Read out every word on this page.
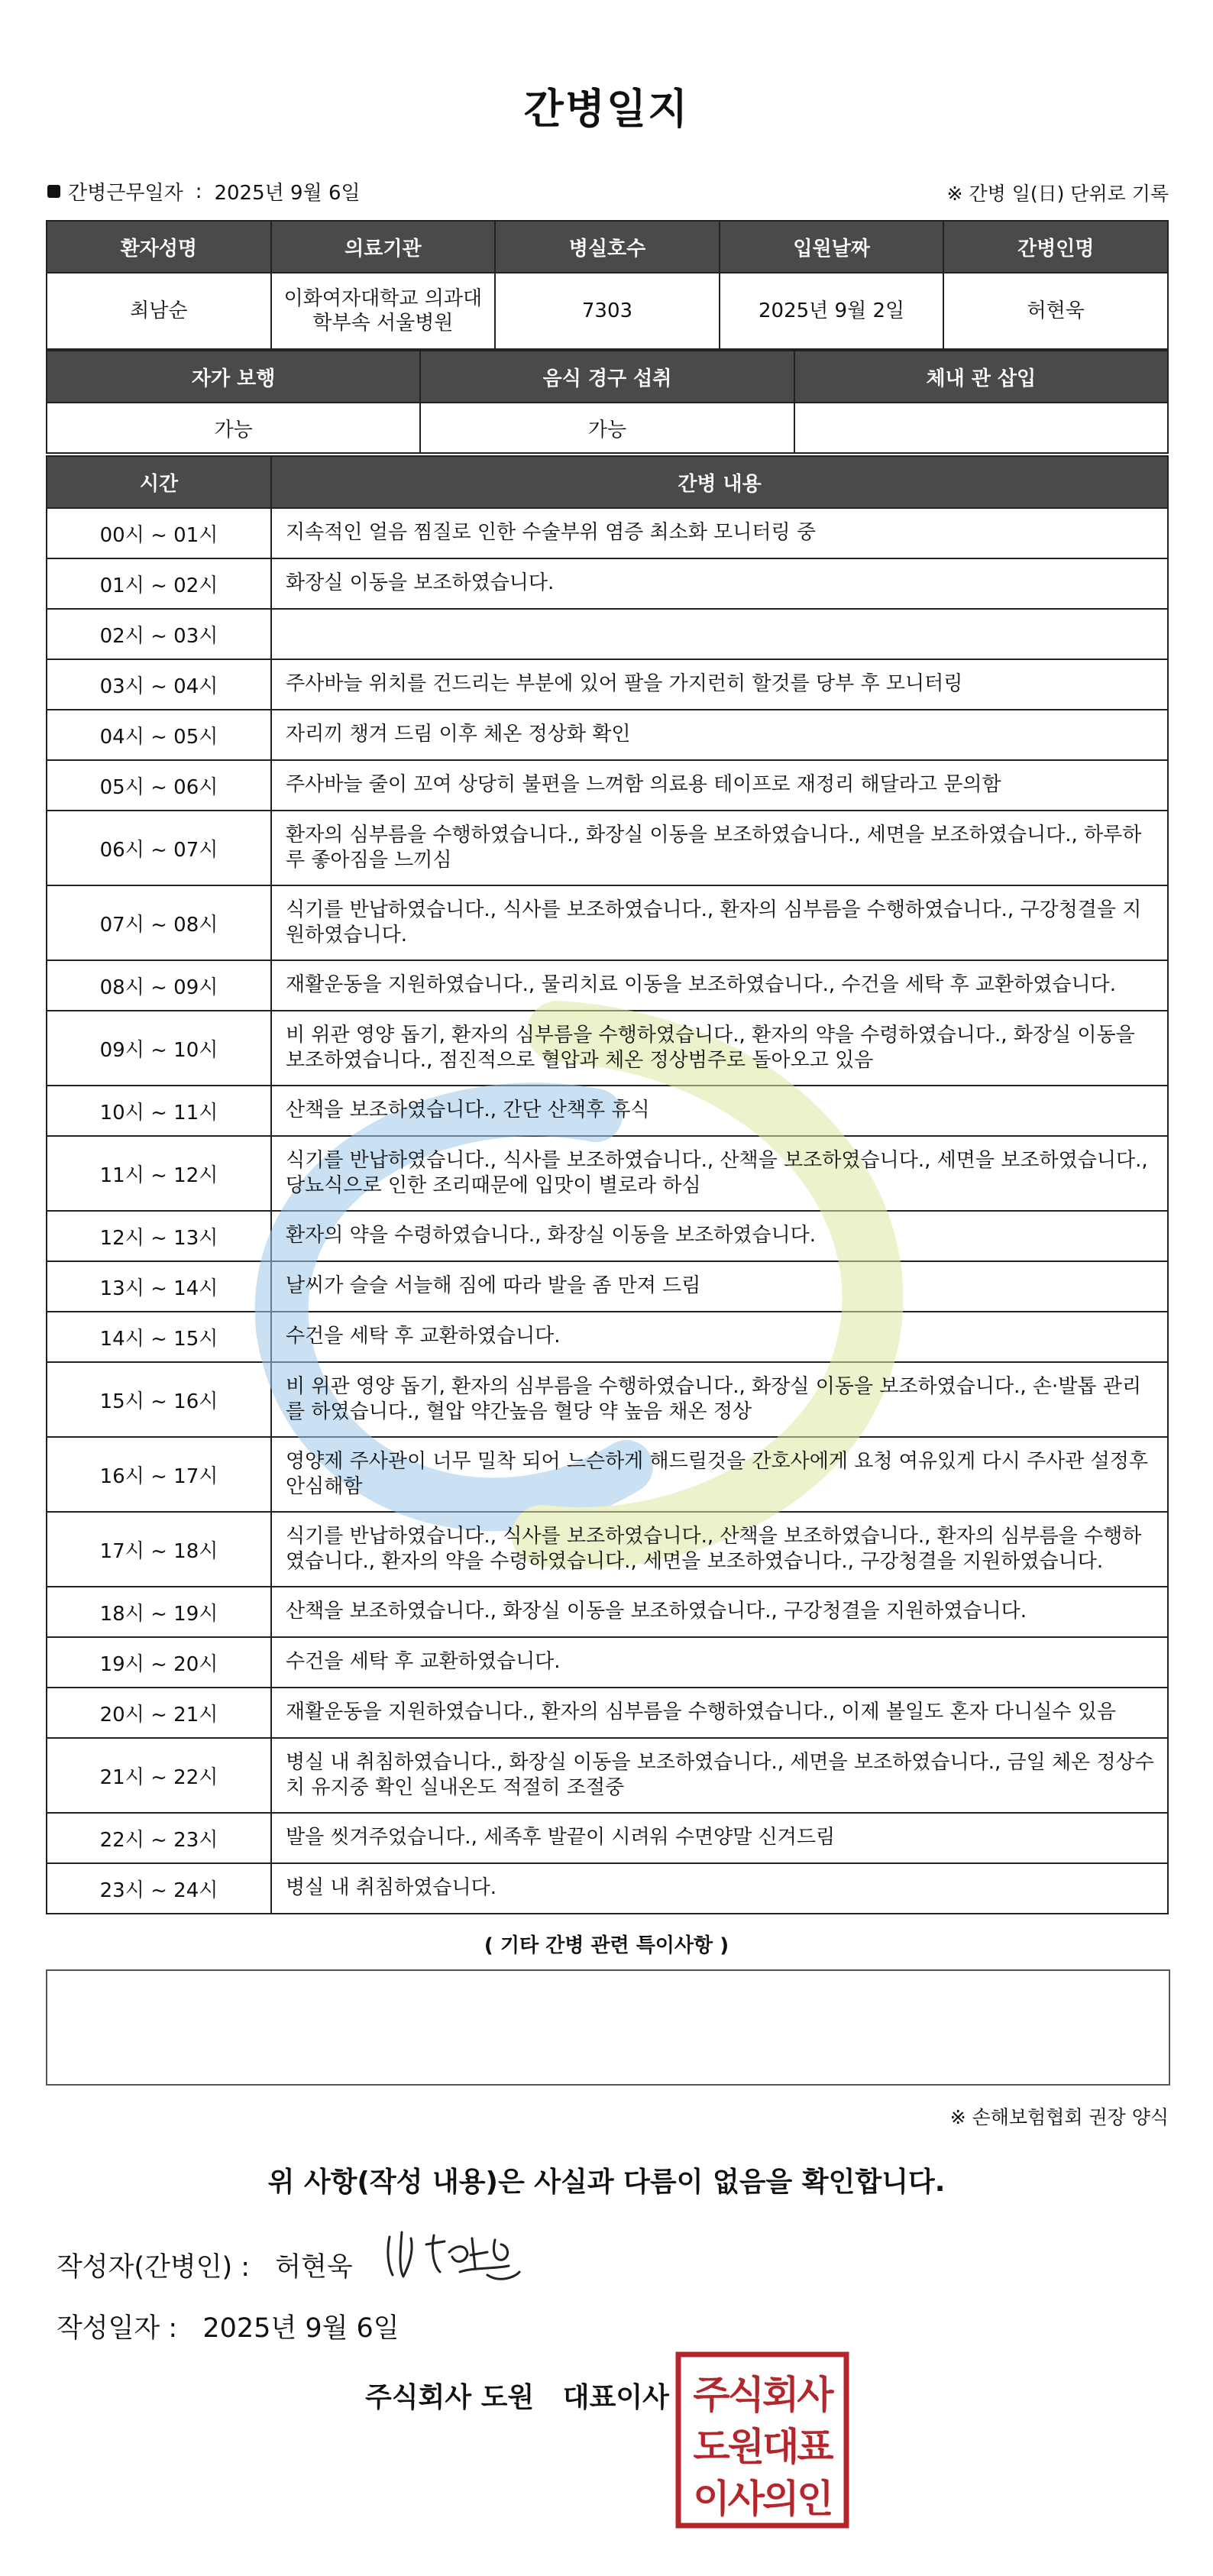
간병일지
간병근무일자 : 2025년 9월 6일	※ 간병 일(日) 단위로 기록
환자성명	의료기관	병실호수	입원날짜	간병인명
최남순	이화여자대학교 의과대학부속 서울병원	7303	2025년 9월 2일	허현욱
자가 보행	음식 경구 섭취	체내 관 삽입
가능	가능	
시간	간병 내용
00시 ~ 01시	지속적인 얼음 찜질로 인한 수술부위 염증 최소화 모니터링 중
01시 ~ 02시	화장실 이동을 보조하였습니다.
02시 ~ 03시	
03시 ~ 04시	주사바늘 위치를 건드리는 부분에 있어 팔을 가지런히 할것를 당부 후 모니터링
04시 ~ 05시	자리끼 챙겨 드림 이후 체온 정상화 확인
05시 ~ 06시	주사바늘 줄이 꼬여 상당히 불편을 느껴함 의료용 테이프로 재정리 해달라고 문의함
06시 ~ 07시	환자의 심부름을 수행하였습니다., 화장실 이동을 보조하였습니다., 세면을 보조하였습니다., 하루하루 좋아짐을 느끼심
07시 ~ 08시	식기를 반납하였습니다., 식사를 보조하였습니다., 환자의 심부름을 수행하였습니다., 구강청결을 지원하였습니다.
08시 ~ 09시	재활운동을 지원하였습니다., 물리치료 이동을 보조하였습니다., 수건을 세탁 후 교환하였습니다.
09시 ~ 10시	비 위관 영양 돕기, 환자의 심부름을 수행하였습니다., 환자의 약을 수령하였습니다., 화장실 이동을 보조하였습니다., 점진적으로 혈압과 체온 정상범주로 돌아오고 있음
10시 ~ 11시	산책을 보조하였습니다., 간단 산책후 휴식
11시 ~ 12시	식기를 반납하였습니다., 식사를 보조하였습니다., 산책을 보조하였습니다., 세면을 보조하였습니다., 당뇨식으로 인한 조리때문에 입맛이 별로라 하심
12시 ~ 13시	환자의 약을 수령하였습니다., 화장실 이동을 보조하였습니다.
13시 ~ 14시	날씨가 슬슬 서늘해 짐에 따라 발을 좀 만져 드림
14시 ~ 15시	수건을 세탁 후 교환하였습니다.
15시 ~ 16시	비 위관 영양 돕기, 환자의 심부름을 수행하였습니다., 화장실 이동을 보조하였습니다., 손·발톱 관리를 하였습니다., 혈압 약간높음 혈당 약 높음 채온 정상
16시 ~ 17시	영양제 주사관이 너무 밀착 되어 느슨하게 해드릴것을 간호사에게 요청 여유있게 다시 주사관 설정후 안심해함
17시 ~ 18시	식기를 반납하였습니다., 식사를 보조하였습니다., 산책을 보조하였습니다., 환자의 심부름을 수행하였습니다., 환자의 약을 수령하였습니다., 세면을 보조하였습니다., 구강청결을 지원하였습니다.
18시 ~ 19시	산책을 보조하였습니다., 화장실 이동을 보조하였습니다., 구강청결을 지원하였습니다.
19시 ~ 20시	수건을 세탁 후 교환하였습니다.
20시 ~ 21시	재활운동을 지원하였습니다., 환자의 심부름을 수행하였습니다., 이제 볼일도 혼자 다니실수 있음
21시 ~ 22시	병실 내 취침하였습니다., 화장실 이동을 보조하였습니다., 세면을 보조하였습니다., 금일 체온 정상수치 유지중 확인 실내온도 적절히 조절중
22시 ~ 23시	발을 씻겨주었습니다., 세족후 발끝이 시려워 수면양말 신겨드림
23시 ~ 24시	병실 내 취침하였습니다.
( 기타 간병 관련 특이사항 )
※ 손해보험협회 권장 양식
위 사항(작성 내용)은 사실과 다름이 없음을 확인합니다.
작성자(간병인) : 허현욱
작성일자 : 2025년 9월 6일
주식회사 도원   대표이사 주식회사
도원대표
이사의인
